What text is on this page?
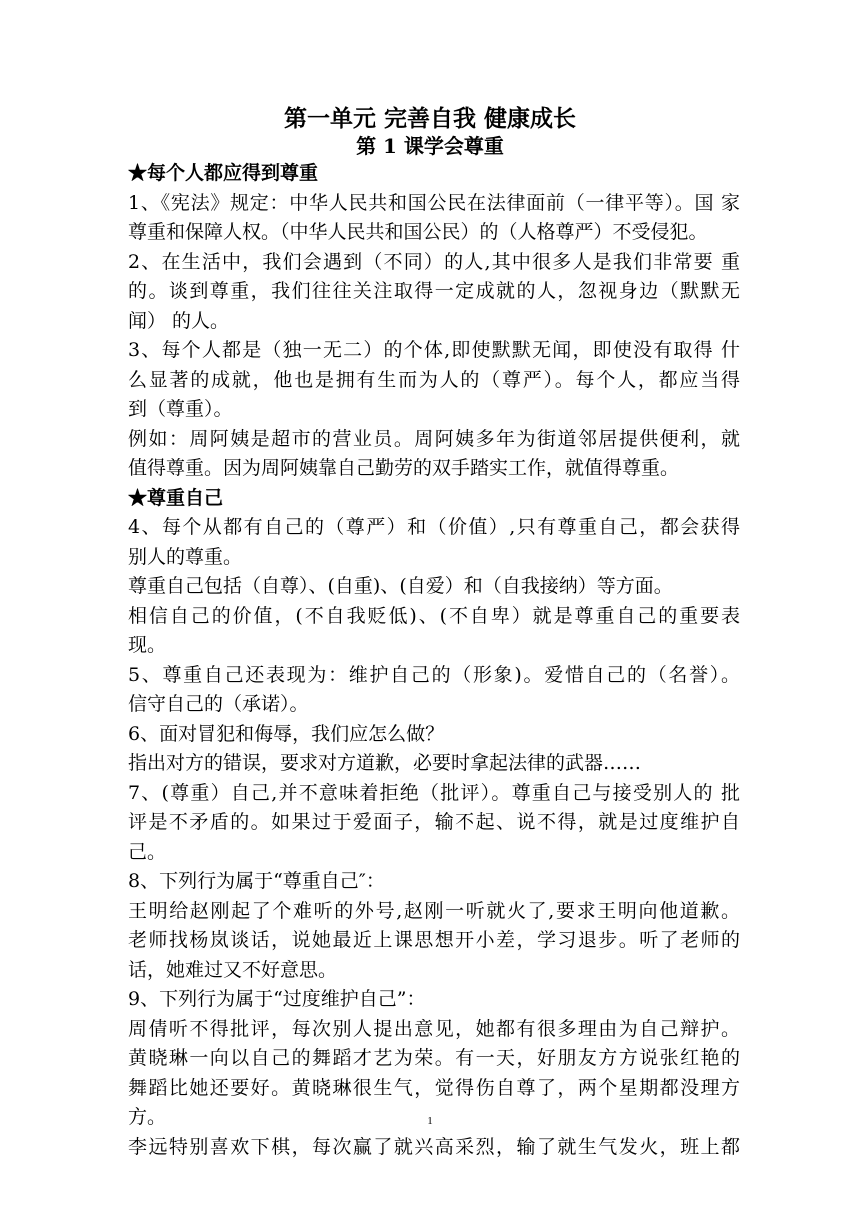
第一单元 完善自我 健康成长
第 1 课学会尊重
★每个人都应得到尊重
1、《宪法》规定：中华人民共和国公民在法律面前（一律平等）。国 家
尊重和保障人权。（中华人民共和国公民）的（人格尊严）不受侵犯。
2、在生活中，我们会遇到（不同）的人,其中很多人是我们非常要 重
的。谈到尊重，我们往往关注取得一定成就的人，忽视身边（默默无
闻） 的人。
3、每个人都是（独一无二）的个体,即使默默无闻，即使没有取得 什
么显著的成就，他也是拥有生而为人的（尊严）。每个人，都应当得
到（尊重）。
例如：周阿姨是超市的营业员。周阿姨多年为街道邻居提供便利，就
值得尊重。因为周阿姨靠自己勤劳的双手踏实工作，就值得尊重。
★尊重自己
4、每个从都有自己的（尊严）和（价值）,只有尊重自己，都会获得
别人的尊重。
尊重自己包括（自尊）、(自重)、(自爱）和（自我接纳）等方面。
相信自己的价值，(不自我贬低)、(不自卑）就是尊重自己的重要表
现。
5、尊重自己还表现为：维护自己的（形象)。爱惜自己的（名誉）。
信守自己的（承诺）。
6、面对冒犯和侮辱，我们应怎么做？
指出对方的错误，要求对方道歉，必要时拿起法律的武器……
7、(尊重）自己,并不意味着拒绝（批评）。尊重自己与接受别人的 批
评是不矛盾的。如果过于爱面子，输不起、说不得，就是过度维护自
己。
8、下列行为属于“尊重自己″：
王明给赵刚起了个难听的外号,赵刚一听就火了,要求王明向他道歉。
老师找杨岚谈话，说她最近上课思想开小差，学习退步。听了老师的
话，她难过又不好意思。
9、下列行为属于“过度维护自己”：
周倩听不得批评，每次别人提出意见，她都有很多理由为自己辩护。
黄晓琳一向以自己的舞蹈才艺为荣。有一天，好朋友方方说张红艳的
舞蹈比她还要好。黄晓琳很生气，觉得伤自尊了，两个星期都没理方
方。
李远特别喜欢下棋，每次赢了就兴高采烈，输了就生气发火，班上都
1
